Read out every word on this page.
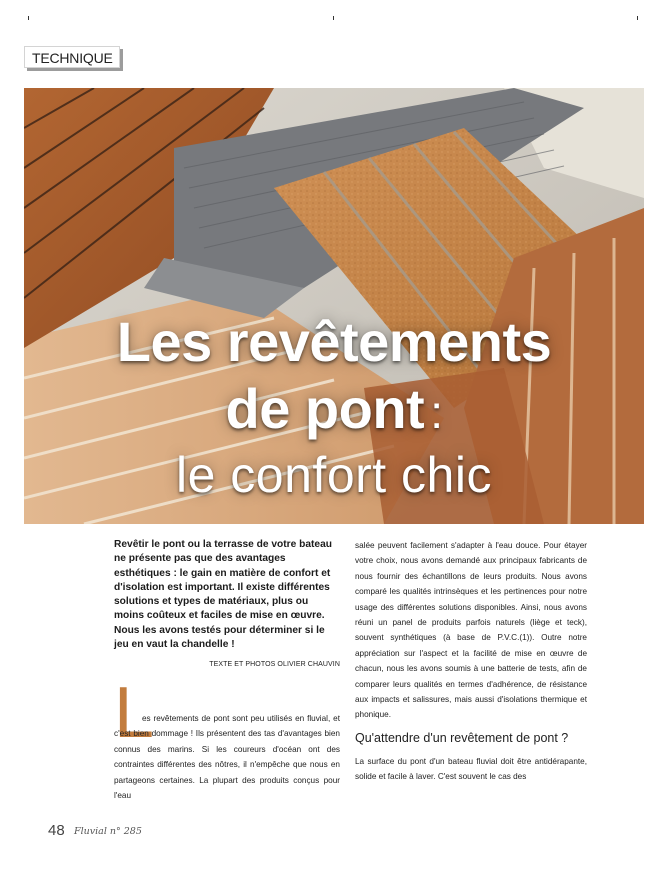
TECHNIQUE
Les revêtements
de pont :
le confort chic

Revêtir le pont ou la terrasse de votre bateau ne présente pas que des avantages esthétiques : le gain en matière de confort et d'isolation est important. Il existe différentes solutions et types de matériaux, plus ou moins coûteux et faciles de mise en œuvre. Nous les avons testés pour déterminer si le jeu en vaut la chandelle !

TEXTE ET PHOTOS OLIVIER CHAUVIN

L

es revêtements de pont sont peu utilisés en fluvial, et c'est bien dommage ! Ils présentent des tas d'avantages bien connus des marins. Si les coureurs d'océan ont des contraintes différentes des nôtres, il n'empêche que nous en partageons certaines. La plupart des produits conçus pour l'eau

salée peuvent facilement s'adapter à l'eau douce. Pour étayer votre choix, nous avons demandé aux principaux fabricants de nous fournir des échantillons de leurs produits. Nous avons comparé les qualités intrinsèques et les pertinences pour notre usage des différentes solutions disponibles. Ainsi, nous avons réuni un panel de produits parfois naturels (liège et teck), souvent synthétiques (à base de P.V.C.(1)). Outre notre appréciation sur l'aspect et la facilité de mise en œuvre de chacun, nous les avons soumis à une batterie de tests, afin de comparer leurs qualités en termes d'adhérence, de résistance aux impacts et salissures, mais aussi d'isolations thermique et phonique.

Qu'attendre d'un revêtement de pont ?

La surface du pont d'un bateau fluvial doit être antidérapante, solide et facile à laver. C'est souvent le cas des

48 Fluvial n° 285
